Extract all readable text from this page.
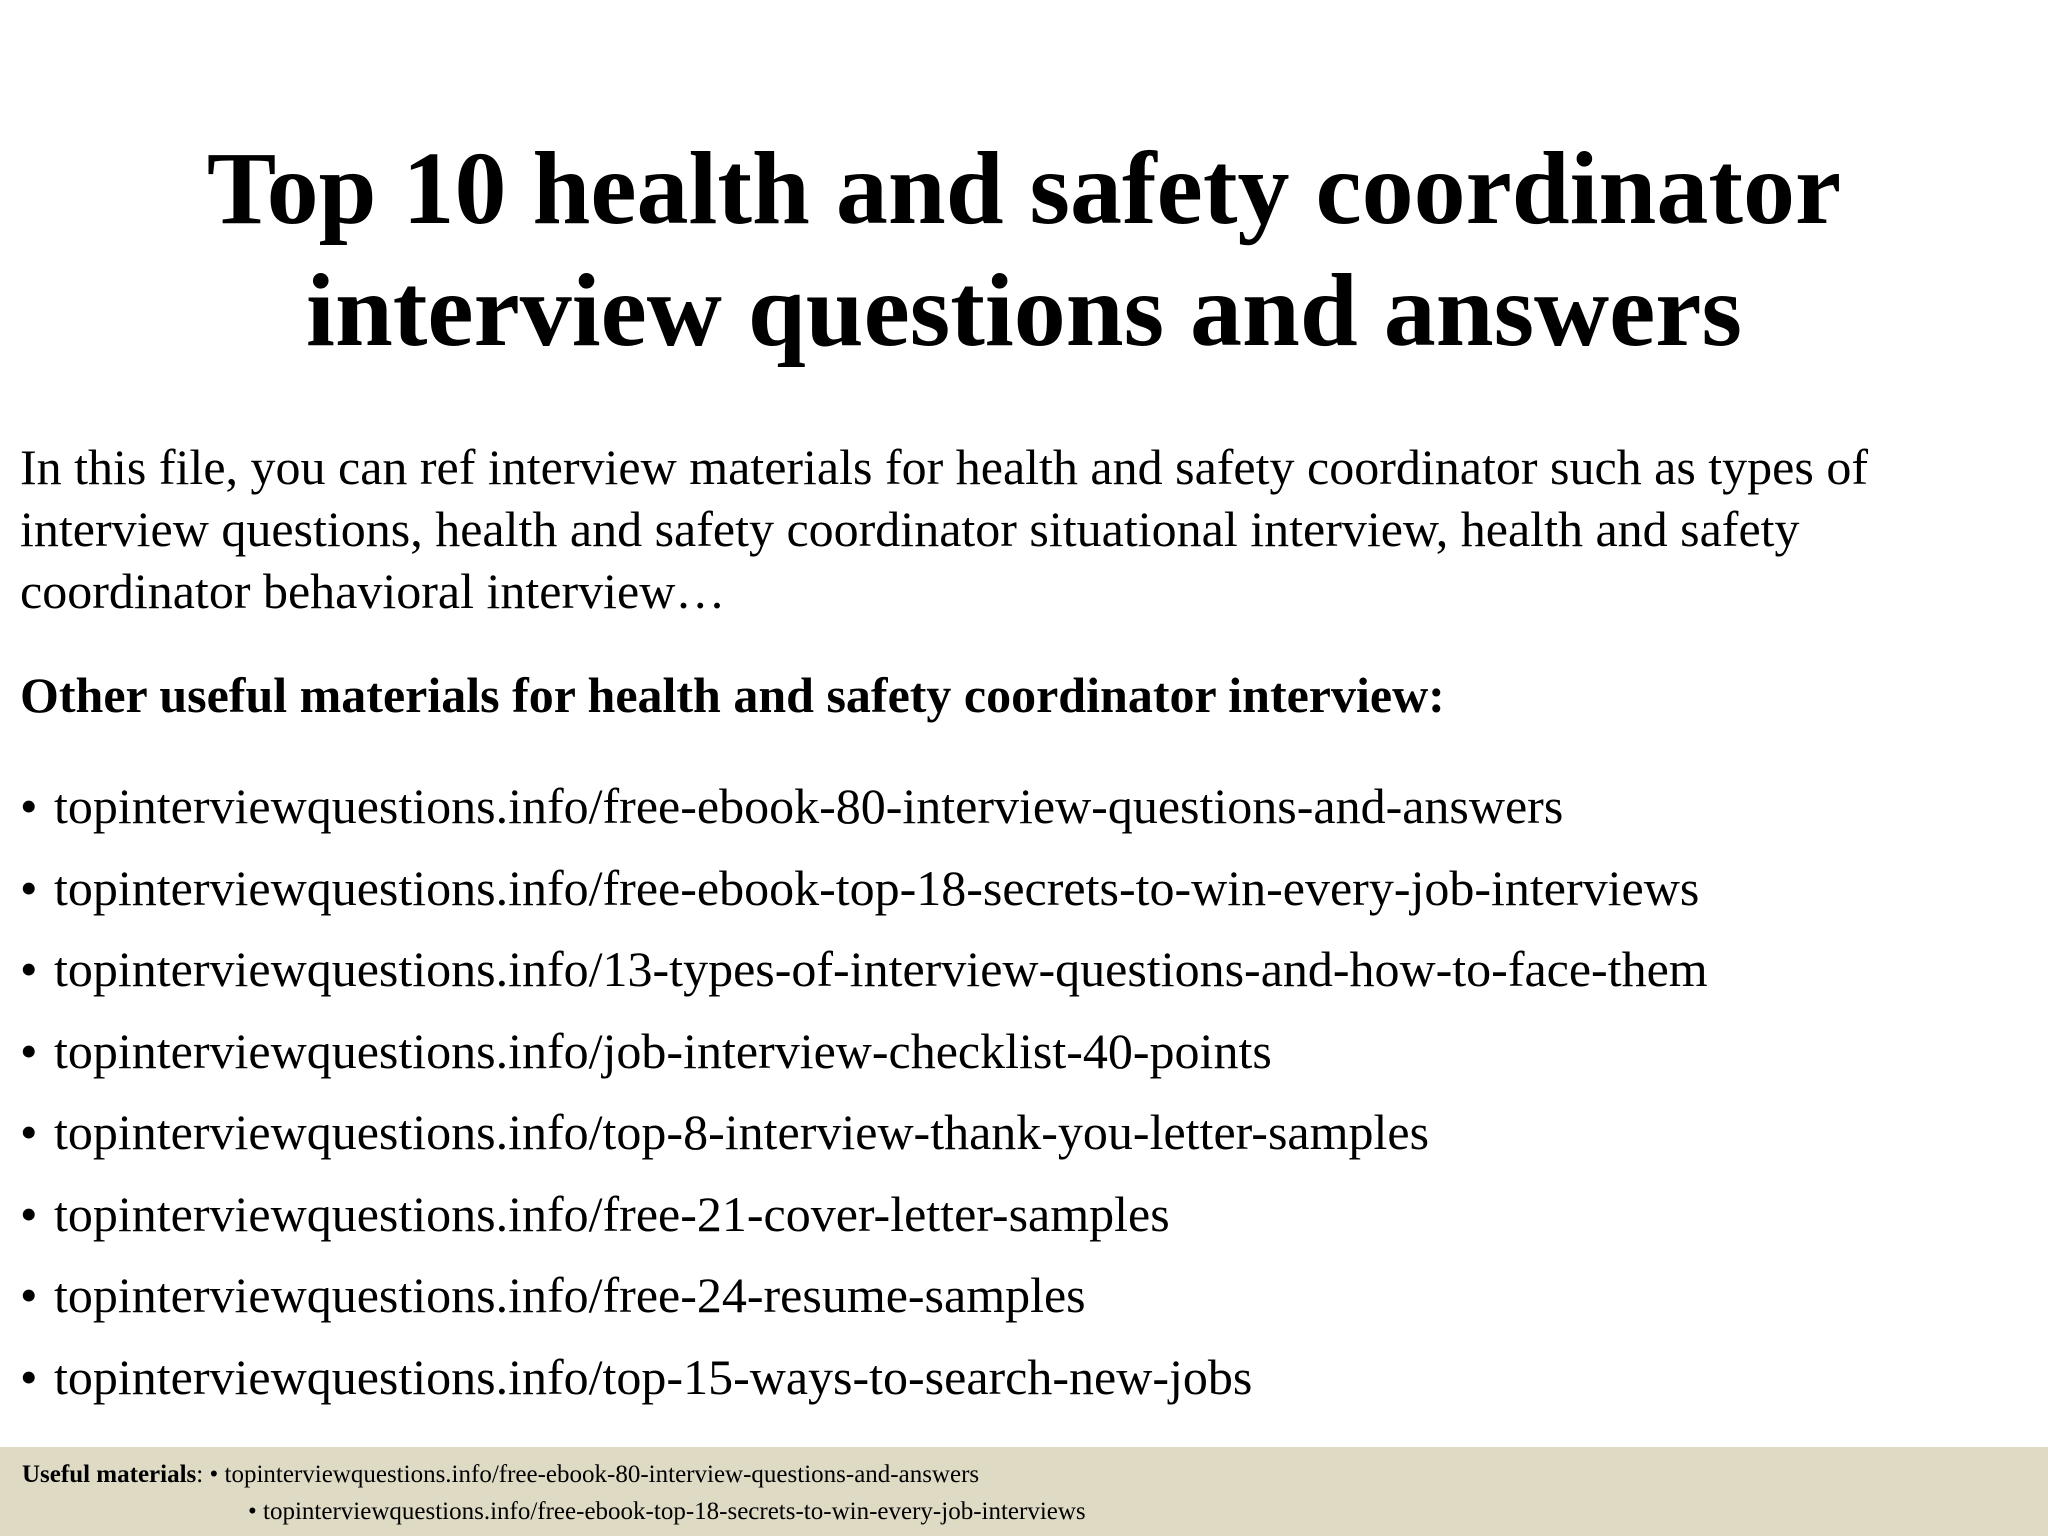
Top 10 health and safety coordinator
interview questions and answers

In this file, you can ref interview materials for health and safety coordinator such as types of interview questions, health and safety coordinator situational interview, health and safety coordinator behavioral interview…

Other useful materials for health and safety coordinator interview:

• topinterviewquestions.info/free-ebook-80-interview-questions-and-answers
• topinterviewquestions.info/free-ebook-top-18-secrets-to-win-every-job-interviews
• topinterviewquestions.info/13-types-of-interview-questions-and-how-to-face-them
• topinterviewquestions.info/job-interview-checklist-40-points
• topinterviewquestions.info/top-8-interview-thank-you-letter-samples
• topinterviewquestions.info/free-21-cover-letter-samples
• topinterviewquestions.info/free-24-resume-samples
• topinterviewquestions.info/top-15-ways-to-search-new-jobs
Useful materials: • topinterviewquestions.info/free-ebook-80-interview-questions-and-answers
• topinterviewquestions.info/free-ebook-top-18-secrets-to-win-every-job-interviews
